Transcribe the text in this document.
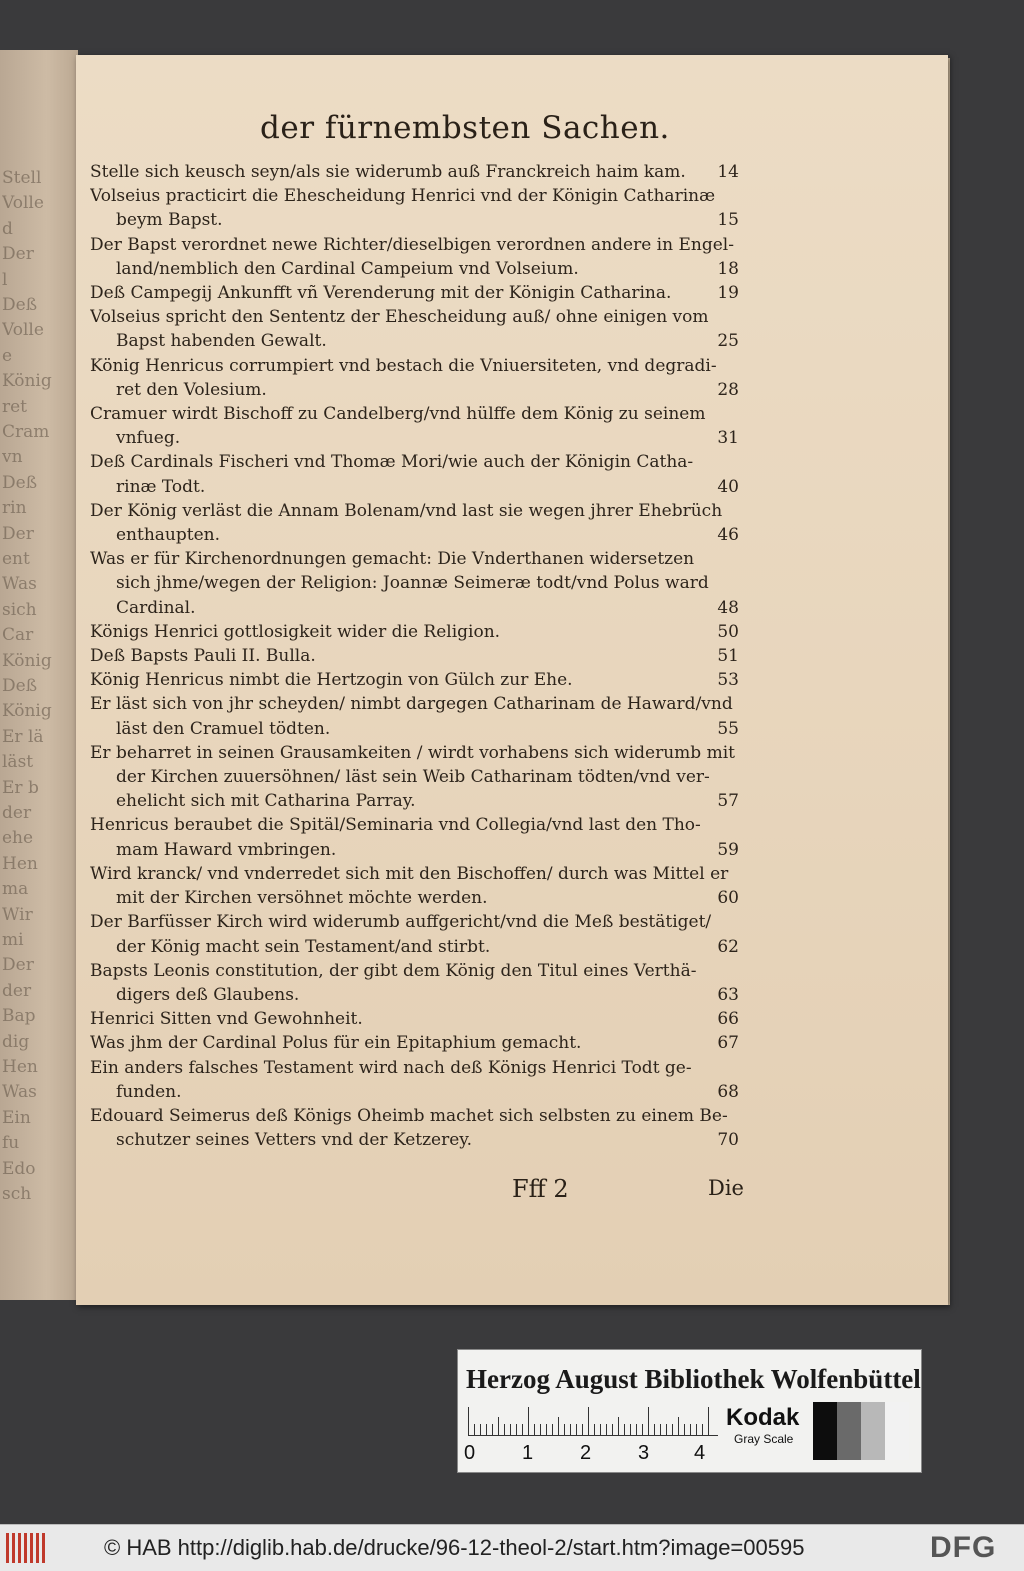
Stell
Volle
d
Der
l
Deß
Volle
e
König
ret
Cram
vn
Deß
rin
Der
ent
Was
sich
Car
König
Deß
König
Er lä
läst
Er b
der
ehe
Hen
ma
Wir
mi
Der
der
Bap
dig
Hen
Was
Ein
fu
Edo
sch
der fürnembsten Sachen.
Stelle sich keusch seyn/als sie widerumb auß Franckreich haim kam.	14
Volseius practicirt die Ehescheidung Henrici vnd der Königin Catharinæ
beym Bapst.	15
Der Bapst verordnet newe Richter/dieselbigen verordnen andere in Engel-
land/nemblich den Cardinal Campeium vnd Volseium.	18
Deß Campegij Ankunfft vñ Verenderung mit der Königin Catharina.	19
Volseius spricht den Sententz der Ehescheidung auß/ ohne einigen vom
Bapst habenden Gewalt.	25
König Henricus corrumpiert vnd bestach die Vniuersiteten, vnd degradi-
ret den Volesium.	28
Cramuer wirdt Bischoff zu Candelberg/vnd hülffe dem König zu seinem
vnfueg.	31
Deß Cardinals Fischeri vnd Thomæ Mori/wie auch der Königin Catha-
rinæ Todt.	40
Der König verläst die Annam Bolenam/vnd last sie wegen jhrer Ehebrüch
enthaupten.	46
Was er für Kirchenordnungen gemacht: Die Vnderthanen widersetzen
sich jhme/wegen der Religion: Joannæ Seimeræ todt/vnd Polus ward
Cardinal.	48
Königs Henrici gottlosigkeit wider die Religion.	50
Deß Bapsts Pauli II. Bulla.	51
König Henricus nimbt die Hertzogin von Gülch zur Ehe.	53
Er läst sich von jhr scheyden/ nimbt dargegen Catharinam de Haward/vnd
läst den Cramuel tödten.	55
Er beharret in seinen Grausamkeiten / wirdt vorhabens sich widerumb mit
der Kirchen zuuersöhnen/ läst sein Weib Catharinam tödten/vnd ver-
ehelicht sich mit Catharina Parray.	57
Henricus beraubet die Spitäl/Seminaria vnd Collegia/vnd last den Tho-
mam Haward vmbringen.	59
Wird kranck/ vnd vnderredet sich mit den Bischoffen/ durch was Mittel er
mit der Kirchen versöhnet möchte werden.	60
Der Barfüsser Kirch wird widerumb auffgericht/vnd die Meß bestätiget/
der König macht sein Testament/and stirbt.	62
Bapsts Leonis constitution, der gibt dem König den Titul eines Verthä-
digers deß Glaubens.	63
Henrici Sitten vnd Gewohnheit.	66
Was jhm der Cardinal Polus für ein Epitaphium gemacht.	67
Ein anders falsches Testament wird nach deß Königs Henrici Todt ge-
funden.	68
Edouard Seimerus deß Königs Oheimb machet sich selbsten zu einem Be-
schutzer seines Vetters vnd der Ketzerey.	70
Fff 2	Die
Herzog August Bibliothek Wolfenbüttel
0 1 2 3 4
Kodak
Gray Scale
© HAB http://diglib.hab.de/drucke/96-12-theol-2/start.htm?image=00595	DFG
